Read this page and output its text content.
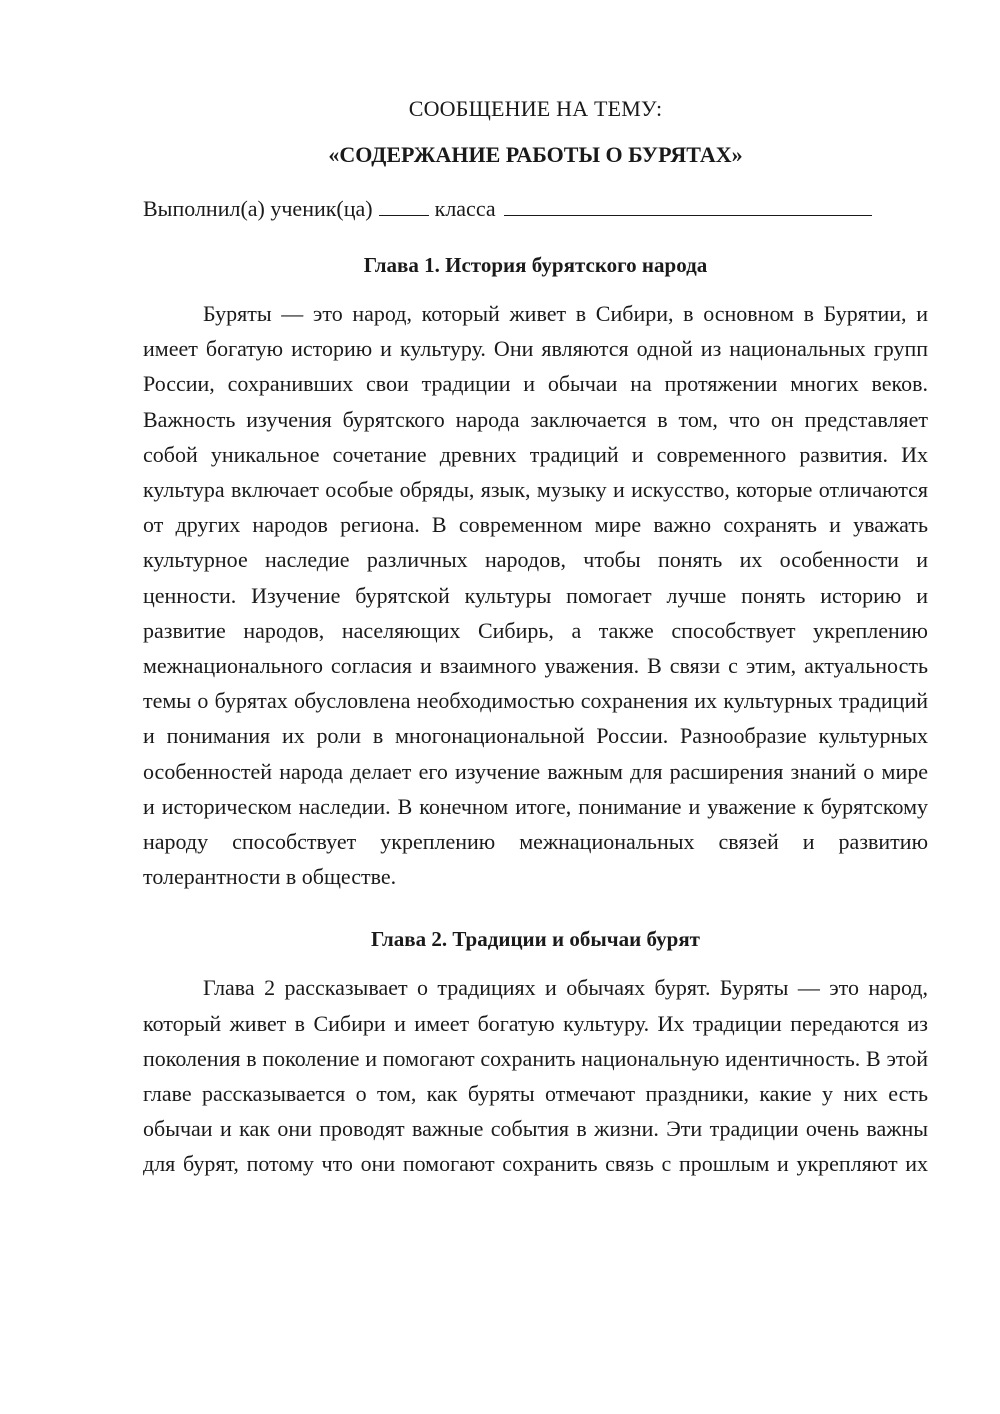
СООБЩЕНИЕ НА ТЕМУ:

«СОДЕРЖАНИЕ РАБОТЫ О БУРЯТАХ»

Выполнил(а) ученик(ца)	класса

Глава 1. История бурятского народа

Буряты — это народ, который живет в Сибири, в основном в Бурятии, и имеет богатую историю и культуру. Они являются одной из национальных групп России, сохранивших свои традиции и обычаи на протяжении многих веков. Важность изучения бурятского народа заключается в том, что он представляет собой уникальное сочетание древних традиций и современного развития. Их культура включает особые обряды, язык, музыку и искусство, которые отличаются от других народов региона. В современном мире важно сохранять и уважать культурное наследие различных народов, чтобы понять их особенности и ценности. Изучение бурятской культуры помогает лучше понять историю и развитие народов, населяющих Сибирь, а также способствует укреплению межнационального согласия и взаимного уважения. В связи с этим, актуальность темы о бурятах обусловлена необходимостью сохранения их культурных традиций и понимания их роли в многонациональной России. Разнообразие культурных особенностей народа делает его изучение важным для расширения знаний о мире и историческом наследии. В конечном итоге, понимание и уважение к бурятскому народу способствует укреплению межнациональных связей и развитию толерантности в обществе.

Глава 2. Традиции и обычаи бурят

Глава 2 рассказывает о традициях и обычаях бурят. Буряты — это народ, который живет в Сибири и имеет богатую культуру. Их традиции передаются из поколения в поколение и помогают сохранить национальную идентичность. В этой главе рассказывается о том, как буряты отмечают праздники, какие у них есть обычаи и как они проводят важные события в жизни. Эти традиции очень важны для бурят, потому что они помогают сохранить связь с прошлым и укрепляют их
